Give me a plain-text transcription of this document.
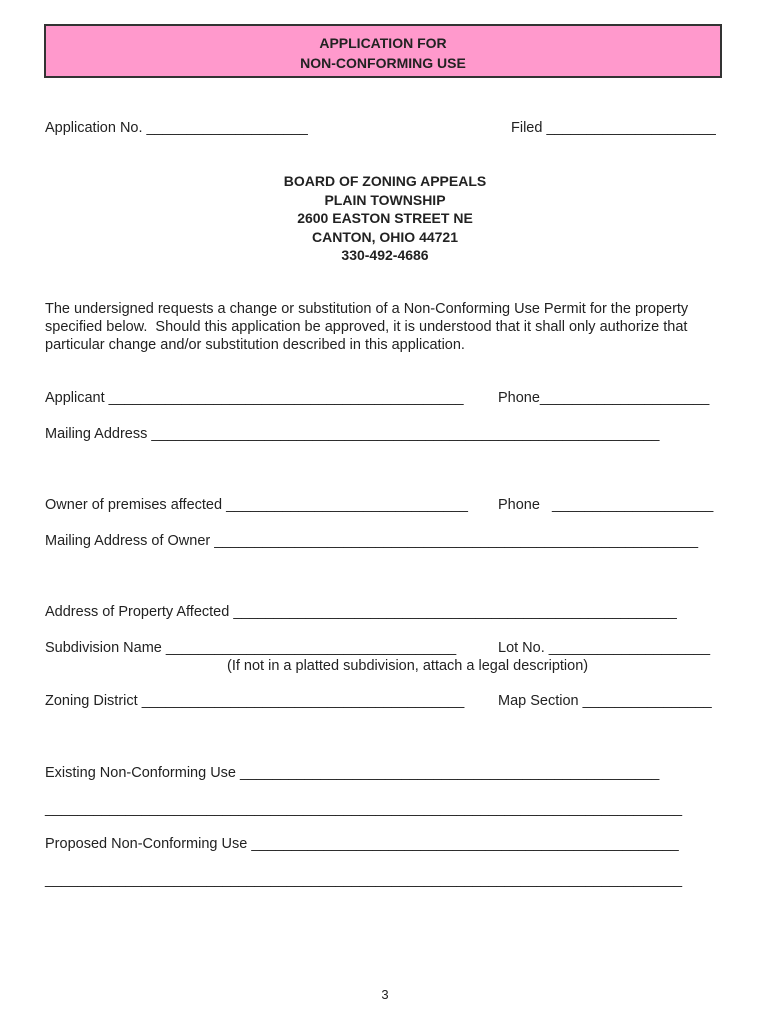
APPLICATION FOR
NON-CONFORMING USE
Application No. ____________________	Filed _____________________
BOARD OF ZONING APPEALS
PLAIN TOWNSHIP
2600 EASTON STREET NE
CANTON, OHIO 44721
330-492-4686
The undersigned requests a change or substitution of a Non-Conforming Use Permit for the property
specified below.  Should this application be approved, it is understood that it shall only authorize that
particular change and/or substitution described in this application.
Applicant ____________________________________________ Phone_____________________
Mailing Address _______________________________________________________________
Owner of premises affected ______________________________ Phone   ____________________
Mailing Address of Owner ____________________________________________________________
Address of Property Affected _______________________________________________________
Subdivision Name ____________________________________	Lot No. ____________________
(If not in a platted subdivision, attach a legal description)
Zoning District ________________________________________ Map Section ________________
Existing Non-Conforming Use ____________________________________________________
_______________________________________________________________________________
Proposed Non-Conforming Use _____________________________________________________
_______________________________________________________________________________
3
